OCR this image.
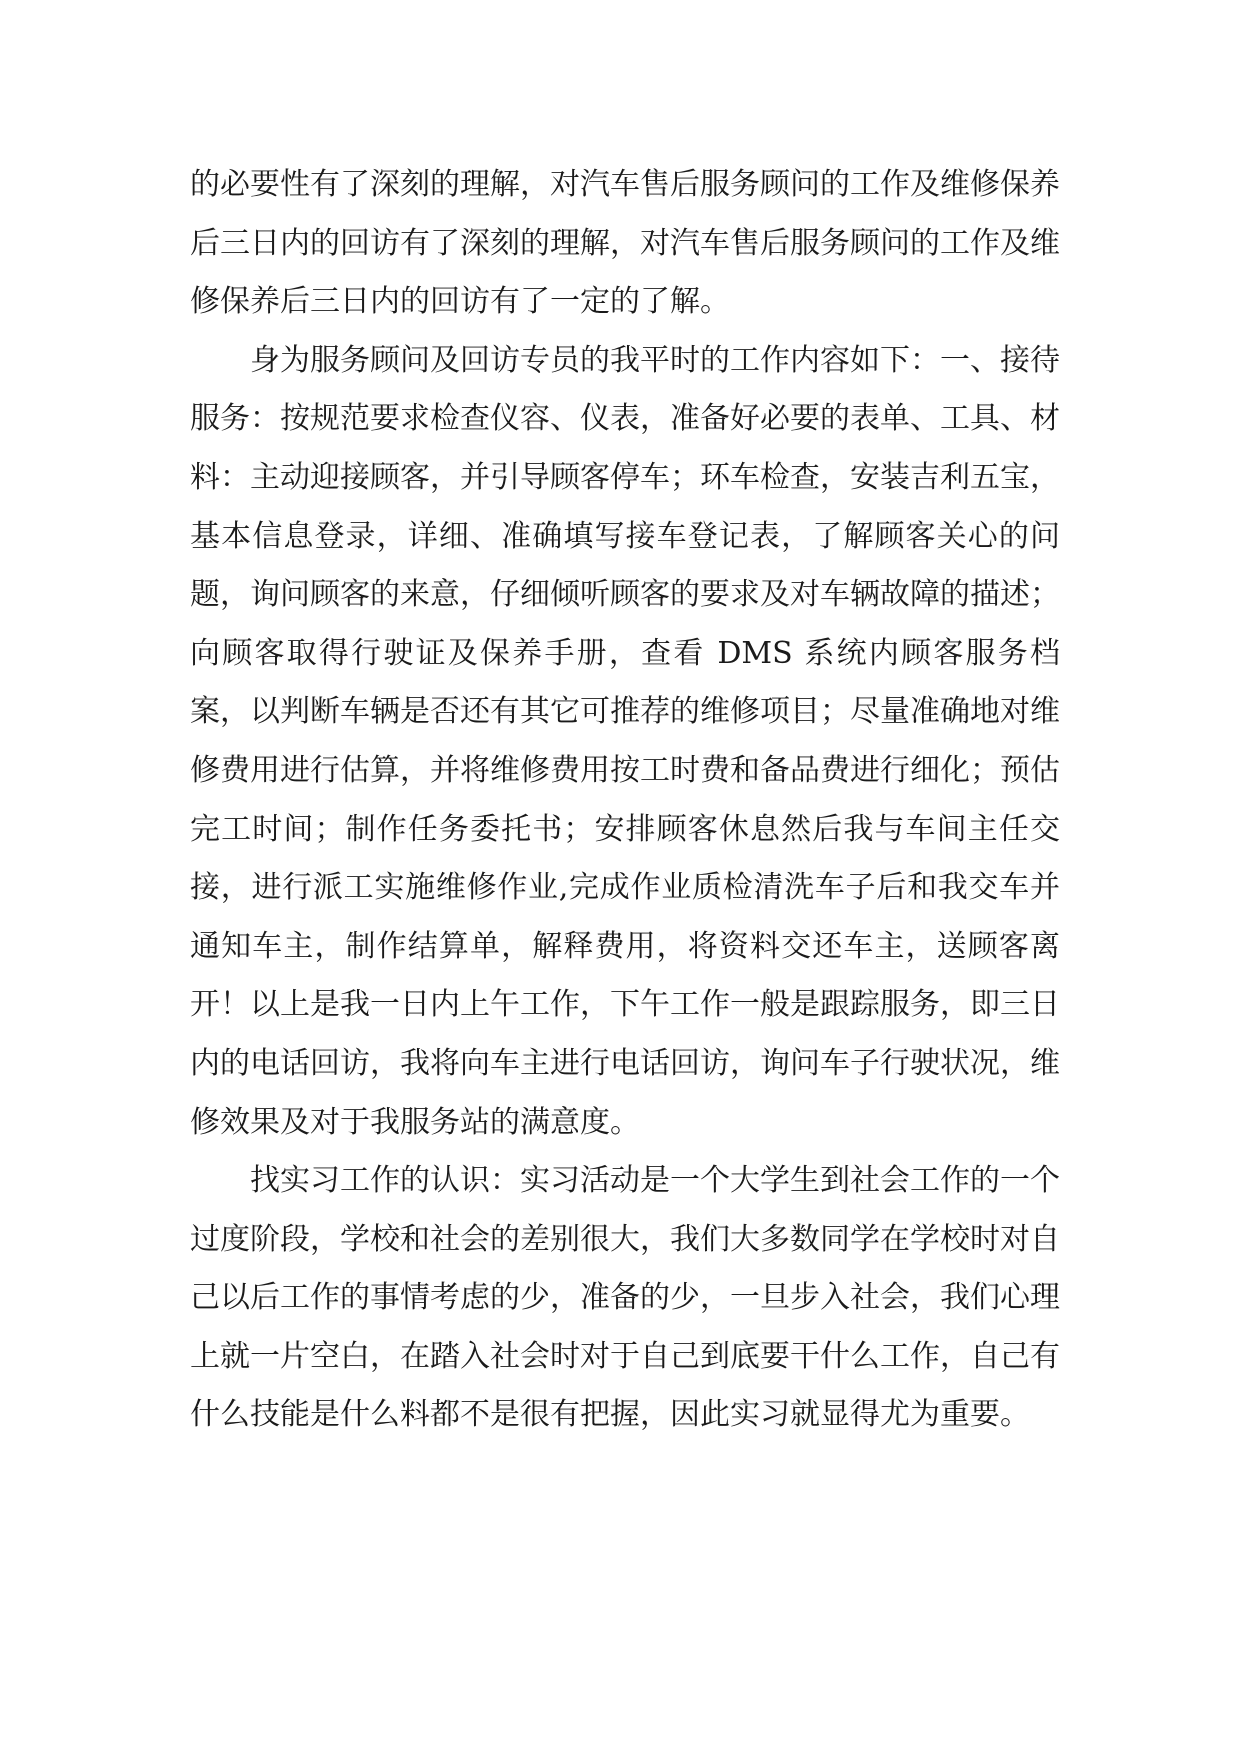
的必要性有了深刻的理解，对汽车售后服务顾问的工作及维修保养后三日内的回访有了深刻的理解，对汽车售后服务顾问的工作及维修保养后三日内的回访有了一定的了解。

身为服务顾问及回访专员的我平时的工作内容如下：一、接待服务：按规范要求检查仪容、仪表，准备好必要的表单、工具、材料：主动迎接顾客，并引导顾客停车；环车检查，安装吉利五宝，基本信息登录，详细、准确填写接车登记表，了解顾客关心的问题，询问顾客的来意，仔细倾听顾客的要求及对车辆故障的描述；向顾客取得行驶证及保养手册，查看 DMS 系统内顾客服务档案，以判断车辆是否还有其它可推荐的维修项目；尽量准确地对维修费用进行估算，并将维修费用按工时费和备品费进行细化；预估完工时间；制作任务委托书；安排顾客休息然后我与车间主任交接，进行派工实施维修作业,完成作业质检清洗车子后和我交车并通知车主，制作结算单，解释费用，将资料交还车主，送顾客离开！以上是我一日内上午工作，下午工作一般是跟踪服务，即三日内的电话回访，我将向车主进行电话回访，询问车子行驶状况，维修效果及对于我服务站的满意度。

找实习工作的认识：实习活动是一个大学生到社会工作的一个过度阶段，学校和社会的差别很大，我们大多数同学在学校时对自己以后工作的事情考虑的少，准备的少，一旦步入社会，我们心理上就一片空白，在踏入社会时对于自己到底要干什么工作，自己有什么技能是什么料都不是很有把握，因此实习就显得尤为重要。
